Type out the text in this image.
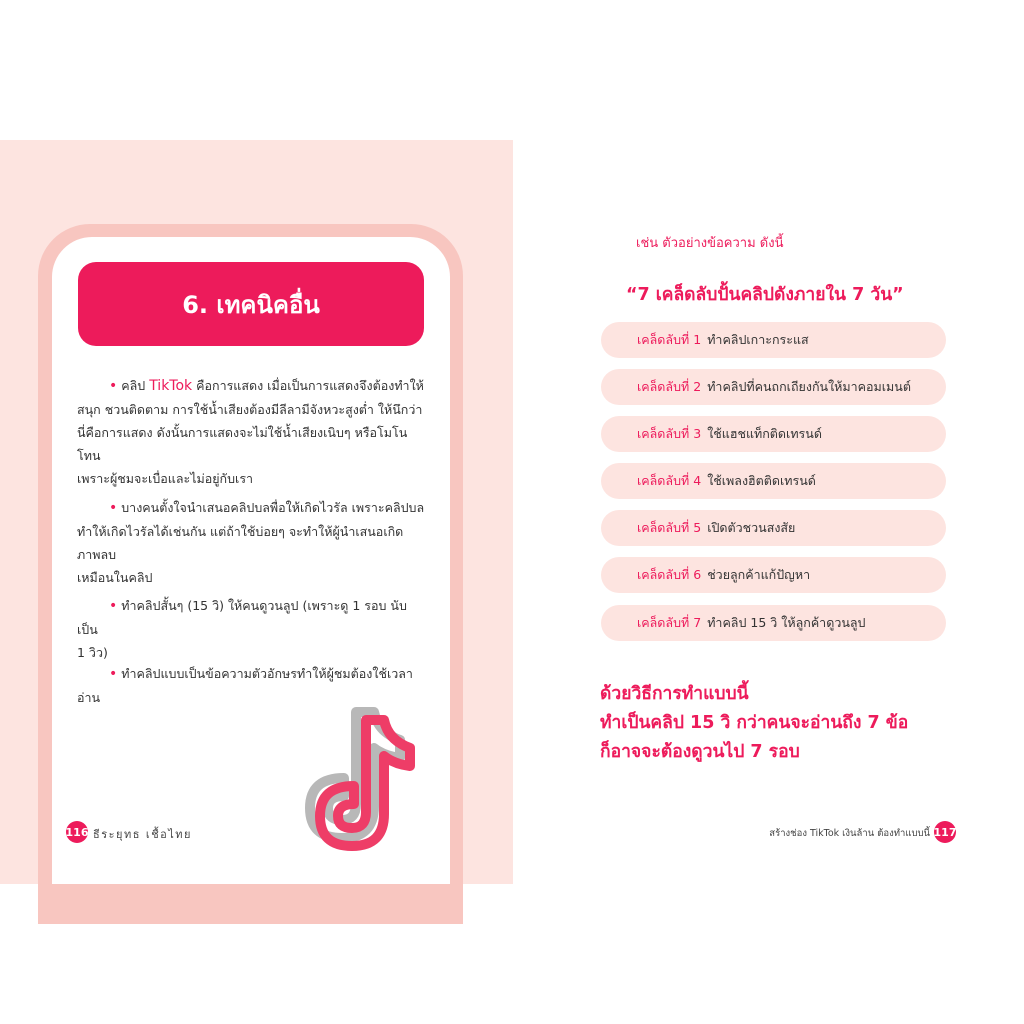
6. เทคนิคอื่น
• คลิป TikTok คือการแสดง เมื่อเป็นการแสดงจึงต้องทำให้
สนุก ชวนติดตาม การใช้น้ำเสียงต้องมีลีลามีจังหวะสูงต่ำ ให้นึกว่า
นี่คือการแสดง ดังนั้นการแสดงจะไม่ใช้น้ำเสียงเนิบๆ หรือโมโนโทน
เพราะผู้ชมจะเบื่อและไม่อยู่กับเรา
• บางคนตั้งใจนำเสนอคลิปบลพื่อให้เกิดไวรัล เพราะคลิปบล
ทำให้เกิดไวรัลได้เช่นกัน แต่ถ้าใช้บ่อยๆ จะทำให้ผู้นำเสนอเกิดภาพลบ
เหมือนในคลิป
• ทำคลิปสั้นๆ (15 วิ) ให้คนดูวนลูป (เพราะดู 1 รอบ นับเป็น
1 วิว)
• ทำคลิปแบบเป็นข้อความตัวอักษรทำให้ผู้ชมต้องใช้เวลา
อ่าน
116 ธีระยุทธ เชื้อไทย
เช่น ตัวอย่างข้อความ ดังนี้
“7 เคล็ดลับปั้นคลิปดังภายใน 7 วัน”
เคล็ดลับที่ 1 ทำคลิปเกาะกระแส
เคล็ดลับที่ 2 ทำคลิปที่คนถกเถียงกันให้มาคอมเมนต์
เคล็ดลับที่ 3 ใช้แฮชแท็กติดเทรนด์
เคล็ดลับที่ 4 ใช้เพลงฮิตติดเทรนด์
เคล็ดลับที่ 5 เปิดตัวชวนสงสัย
เคล็ดลับที่ 6 ช่วยลูกค้าแก้ปัญหา
เคล็ดลับที่ 7 ทำคลิป 15 วิ ให้ลูกค้าดูวนลูป
ด้วยวิธีการทำแบบนี้
ทำเป็นคลิป 15 วิ กว่าคนจะอ่านถึง 7 ข้อ
ก็อาจจะต้องดูวนไป 7 รอบ
สร้างช่อง TikTok เงินล้าน ต้องทำแบบนี้ 117
